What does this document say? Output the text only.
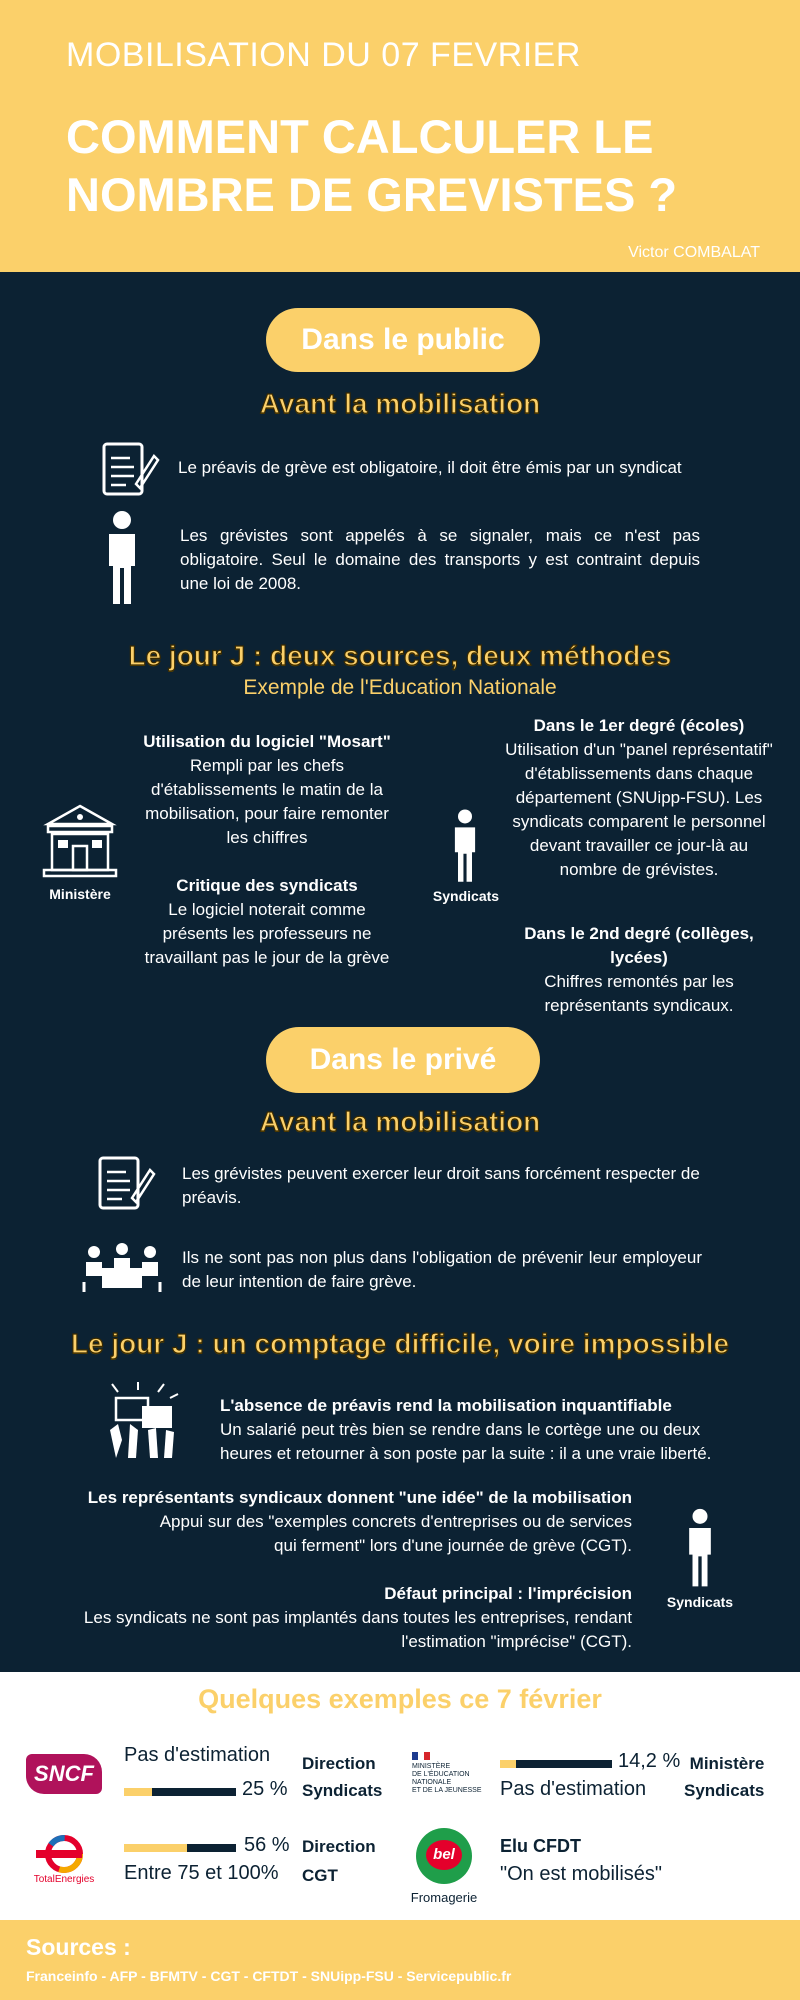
MOBILISATION DU 07 FEVRIER
COMMENT CALCULER LE NOMBRE DE GREVISTES ?
Victor COMBALAT
Dans le public
Avant la mobilisation
Le préavis de grève est obligatoire, il doit être émis par un syndicat
Les grévistes sont appelés à se signaler, mais ce n'est pas obligatoire. Seul le domaine des transports y est contraint depuis une loi de 2008.
Le jour J : deux sources, deux méthodes
Exemple de l'Education Nationale
Ministère
Utilisation du logiciel "Mosart"
Rempli par les chefs d'établissements le matin de la mobilisation, pour faire remonter les chiffres
Critique des syndicats
Le logiciel noterait comme présents les professeurs ne travaillant pas le jour de la grève
Syndicats
Dans le 1er degré (écoles)
Utilisation d'un "panel représentatif" d'établissements dans chaque département (SNUipp-FSU). Les syndicats comparent le personnel devant travailler ce jour-là au nombre de grévistes.
Dans le 2nd degré (collèges, lycées)
Chiffres remontés par les représentants syndicaux.
Dans le privé
Avant la mobilisation
Les grévistes peuvent exercer leur droit sans forcément respecter de préavis.
Ils ne sont pas non plus dans l'obligation de prévenir leur employeur de leur intention de faire grève.
Le jour J : un comptage difficile, voire impossible
L'absence de préavis rend la mobilisation inquantifiable
Un salarié peut très bien se rendre dans le cortège une ou deux heures et retourner à son poste par la suite : il a une vraie liberté.
Les représentants syndicaux donnent "une idée" de la mobilisation
Appui sur des "exemples concrets d'entreprises ou de services qui ferment" lors d'une journée de grève (CGT).
Défaut principal : l'imprécision
Les syndicats ne sont pas implantés dans toutes les entreprises, rendant l'estimation "imprécise" (CGT).
Syndicats
Quelques exemples ce 7 février
SNCF
Pas d'estimation
25 %
Direction
Syndicats
MINISTÈRE
DE L'ÉDUCATION
NATIONALE
ET DE LA JEUNESSE
14,2 %
Pas d'estimation
Ministère
Syndicats
TotalEnergies
56 %
Entre 75 et 100%
Direction
CGT
bel
Fromagerie
Elu CFDT
"On est mobilisés"
Sources :
Franceinfo - AFP - BFMTV - CGT - CFTDT - SNUipp-FSU - Servicepublic.fr
